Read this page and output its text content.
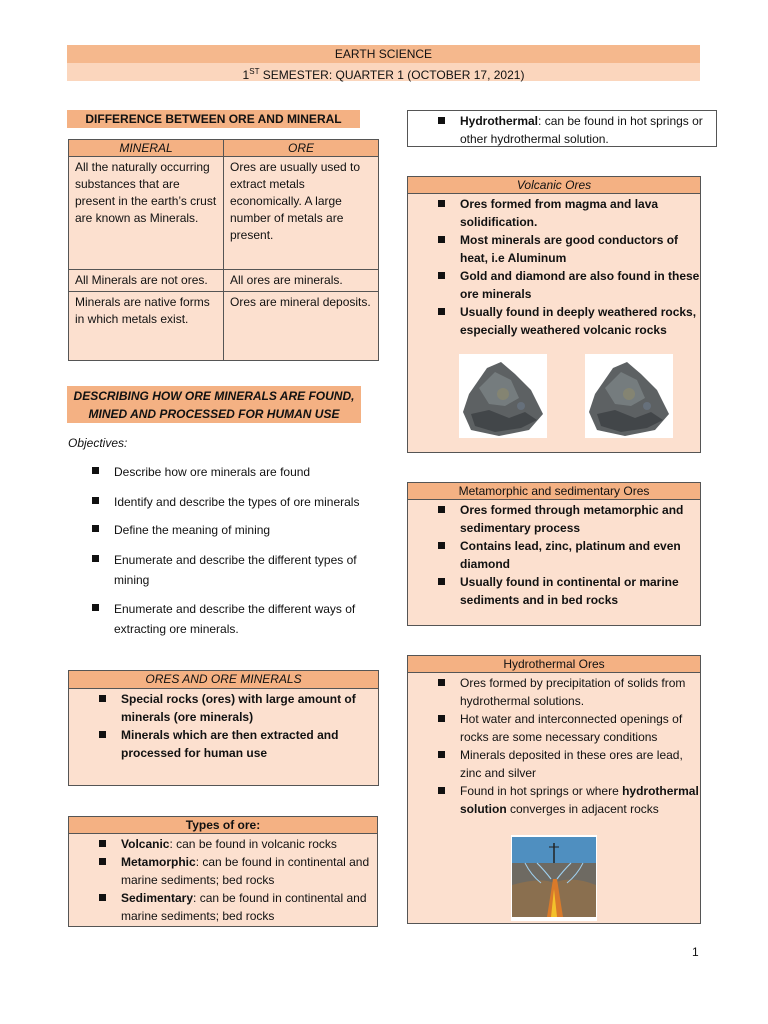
EARTH SCIENCE
1ST SEMESTER: QUARTER 1 (OCTOBER 17, 2021)
DIFFERENCE BETWEEN ORE AND MINERAL
MINERAL	ORE
All the naturally occurring substances that are present in the earth’s crust are known as Minerals.	Ores are usually used to extract metals economically. A large number of metals are present.
All Minerals are not ores.	All ores are minerals.
Minerals are native forms in which metals exist.	Ores are mineral deposits.
DESCRIBING HOW ORE MINERALS ARE FOUND,
MINED AND PROCESSED FOR HUMAN USE
Objectives:
Describe how ore minerals are found
Identify and describe the types of ore minerals
Define the meaning of mining
Enumerate and describe the different types of mining
Enumerate and describe the different ways of extracting ore minerals.
ORES AND ORE MINERALS
Special rocks (ores) with large amount of minerals (ore minerals)
Minerals which are then extracted and processed for human use
Types of ore:
Volcanic: can be found in volcanic rocks
Metamorphic: can be found in continental and marine sediments; bed rocks
Sedimentary: can be found in continental and marine sediments; bed rocks
Hydrothermal: can be found in hot springs or other hydrothermal solution.
Volcanic Ores
Ores formed from magma and lava solidification.
Most minerals are good conductors of heat, i.e Aluminum
Gold and diamond are also found in these ore minerals
Usually found in deeply weathered rocks, especially weathered volcanic rocks
Metamorphic and sedimentary Ores
Ores formed through metamorphic and sedimentary process
Contains lead, zinc, platinum and even diamond
Usually found in continental or marine sediments and in bed rocks
Hydrothermal Ores
Ores formed by precipitation of solids from hydrothermal solutions.
Hot water and interconnected openings of rocks are some necessary conditions
Minerals deposited in these ores are lead, zinc and silver
Found in hot springs or where hydrothermal solution converges in adjacent rocks
1
